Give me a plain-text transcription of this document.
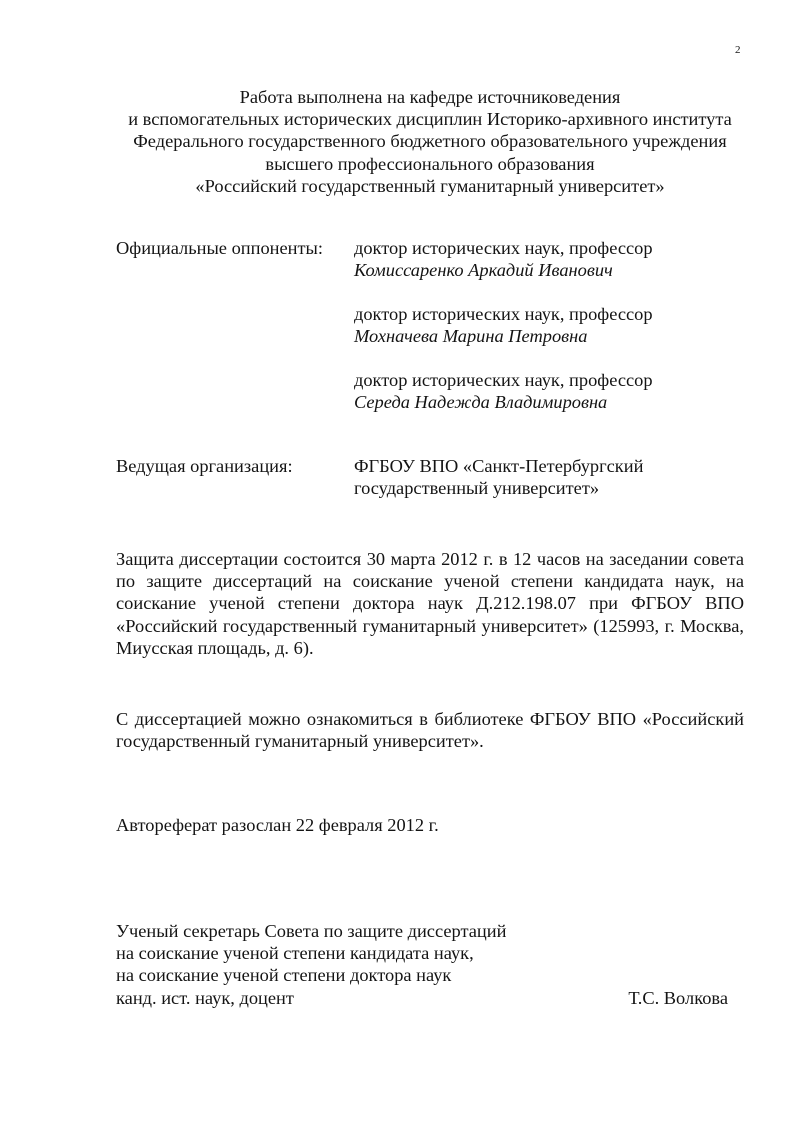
2
Работа выполнена на кафедре источниковедения
и вспомогательных исторических дисциплин Историко-архивного института
Федерального государственного бюджетного образовательного учреждения
высшего профессионального образования
«Российский государственный гуманитарный университет»
Официальные оппоненты: доктор исторических наук, профессор
Комиссаренко Аркадий Иванович
доктор исторических наук, профессор
Мохначева Марина Петровна
доктор исторических наук, профессор
Середа Надежда Владимировна
Ведущая организация:	ФГБОУ ВПО «Санкт-Петербургский
государственный университет»
Защита диссертации состоится 30 марта 2012 г. в 12 часов на заседании совета по защите диссертаций на соискание ученой степени кандидата наук, на соискание ученой степени доктора наук Д.212.198.07 при ФГБОУ ВПО «Российский государственный гуманитарный университет» (125993, г. Москва, Миусская площадь, д. 6).
С диссертацией можно ознакомиться в библиотеке ФГБОУ ВПО «Российский государственный гуманитарный университет».
Автореферат разослан 22 февраля 2012 г.
Ученый секретарь Совета по защите диссертаций
на соискание ученой степени кандидата наук,
на соискание ученой степени доктора наук
канд. ист. наук, доцент	Т.С. Волкова
